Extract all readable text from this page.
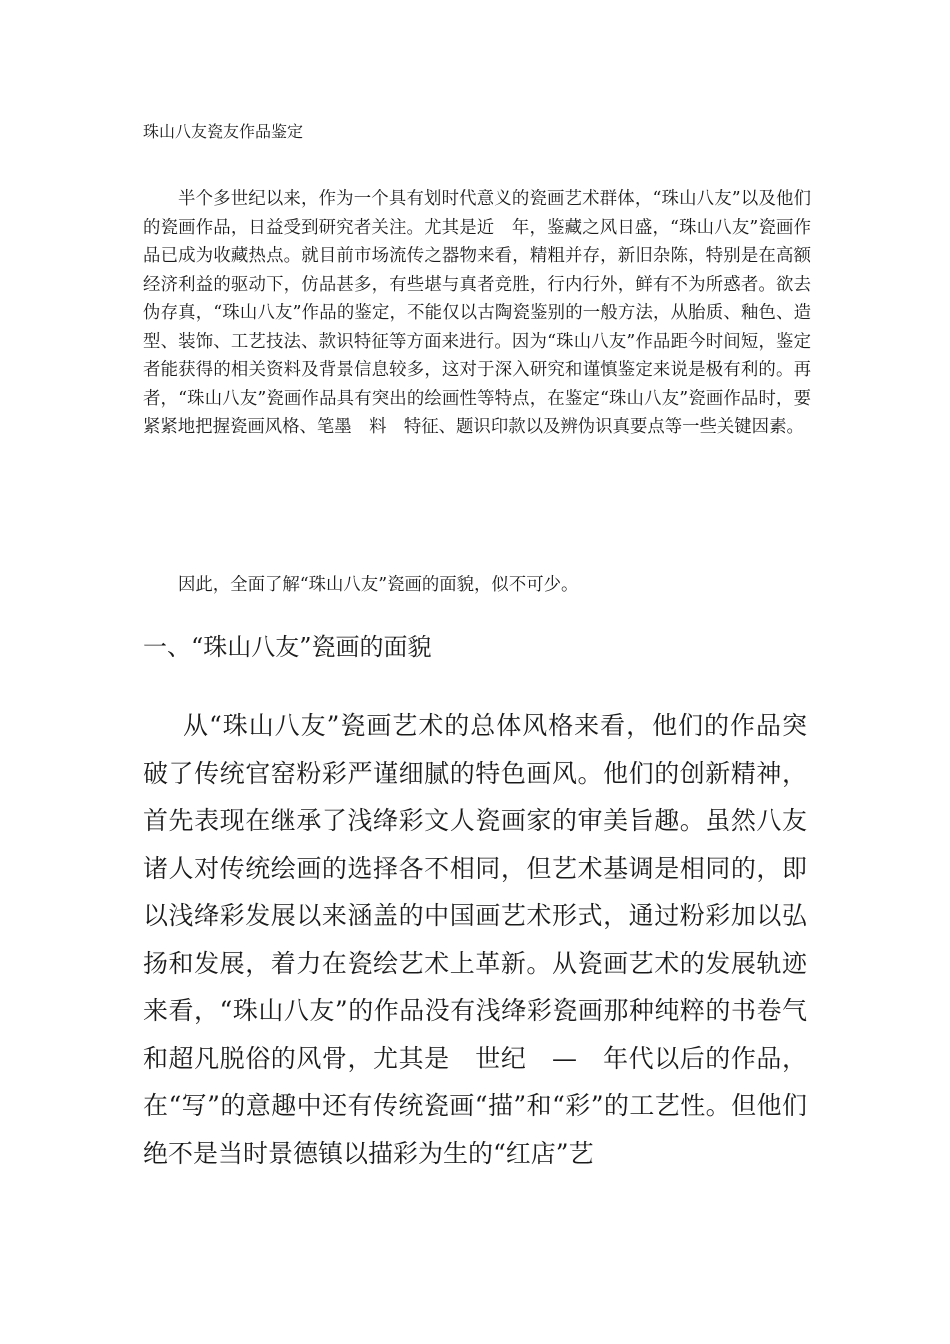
珠山八友瓷友作品鉴定

半个多世纪以来，作为一个具有划时代意义的瓷画艺术群体，“珠山八友”以及他们的瓷画作品，日益受到研究者关注。尤其是近　年，鉴藏之风日盛，“珠山八友”瓷画作品已成为收藏热点。就目前市场流传之器物来看，精粗并存，新旧杂陈，特别是在高额经济利益的驱动下，仿品甚多，有些堪与真者竞胜，行内行外，鲜有不为所惑者。欲去伪存真，“珠山八友”作品的鉴定，不能仅以古陶瓷鉴别的一般方法，从胎质、釉色、造型、装饰、工艺技法、款识特征等方面来进行。因为“珠山八友”作品距今时间短，鉴定者能获得的相关资料及背景信息较多，这对于深入研究和谨慎鉴定来说是极有利的。再者，“珠山八友”瓷画作品具有突出的绘画性等特点，在鉴定“珠山八友”瓷画作品时，要紧紧地把握瓷画风格、笔墨　料　特征、题识印款以及辨伪识真要点等一些关键因素。

因此，全面了解“珠山八友”瓷画的面貌，似不可少。

一、“珠山八友”瓷画的面貌

从“珠山八友”瓷画艺术的总体风格来看，他们的作品突破了传统官窑粉彩严谨细腻的特色画风。他们的创新精神，首先表现在继承了浅绛彩文人瓷画家的审美旨趣。虽然八友诸人对传统绘画的选择各不相同，但艺术基调是相同的，即以浅绛彩发展以来涵盖的中国画艺术形式，通过粉彩加以弘扬和发展，着力在瓷绘艺术上革新。从瓷画艺术的发展轨迹来看，“珠山八友”的作品没有浅绛彩瓷画那种纯粹的书卷气和超凡脱俗的风骨，尤其是　世纪　—　年代以后的作品，在“写”的意趣中还有传统瓷画“描”和“彩”的工艺性。但他们绝不是当时景德镇以描彩为生的“红店”艺
